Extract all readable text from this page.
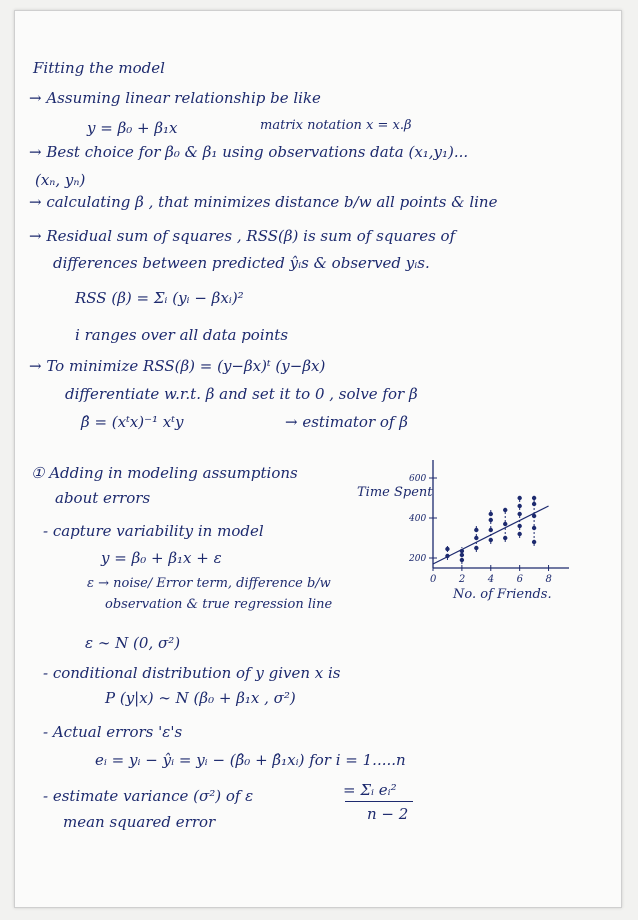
Fitting the model
→ Assuming linear relationship be like
y = β₀ + β₁x	matrix notation x = x.β
→ Best choice for β₀ & β₁ using observations data (x₁,y₁)...
(xₙ, yₙ)
→ calculating β , that minimizes distance b/w all points & line
→ Residual sum of squares , RSS(β) is sum of squares of
differences between predicted ŷᵢs & observed yᵢs.
RSS (β) = Σᵢ (yᵢ − βxᵢ)²
i ranges over all data points
→ To minimize RSS(β) = (y−βx)ᵗ (y−βx)
differentiate w.r.t. β and set it to 0 , solve for β
β̂ = (xᵗx)⁻¹ xᵗy	→ estimator of β
① Adding in modeling assumptions
about errors
- capture variability in model
y = β₀ + β₁x + ε
ε → noise/ Error term, difference b/w
observation & true regression line
ε ∼ N (0, σ²)
- conditional distribution of y given x is
P (y|x) ∼ N (β₀ + β₁x , σ²)
- Actual errors 'ε's
eᵢ = yᵢ − ŷᵢ = yᵢ − (β̂₀ + β̂₁xᵢ) for i = 1.....n
- estimate variance (σ²) of ε	= Σᵢ eᵢ²
n − 2
mean squared error
0 2 4 6 8
200
400
600
Time Spent
No. of Friends.
